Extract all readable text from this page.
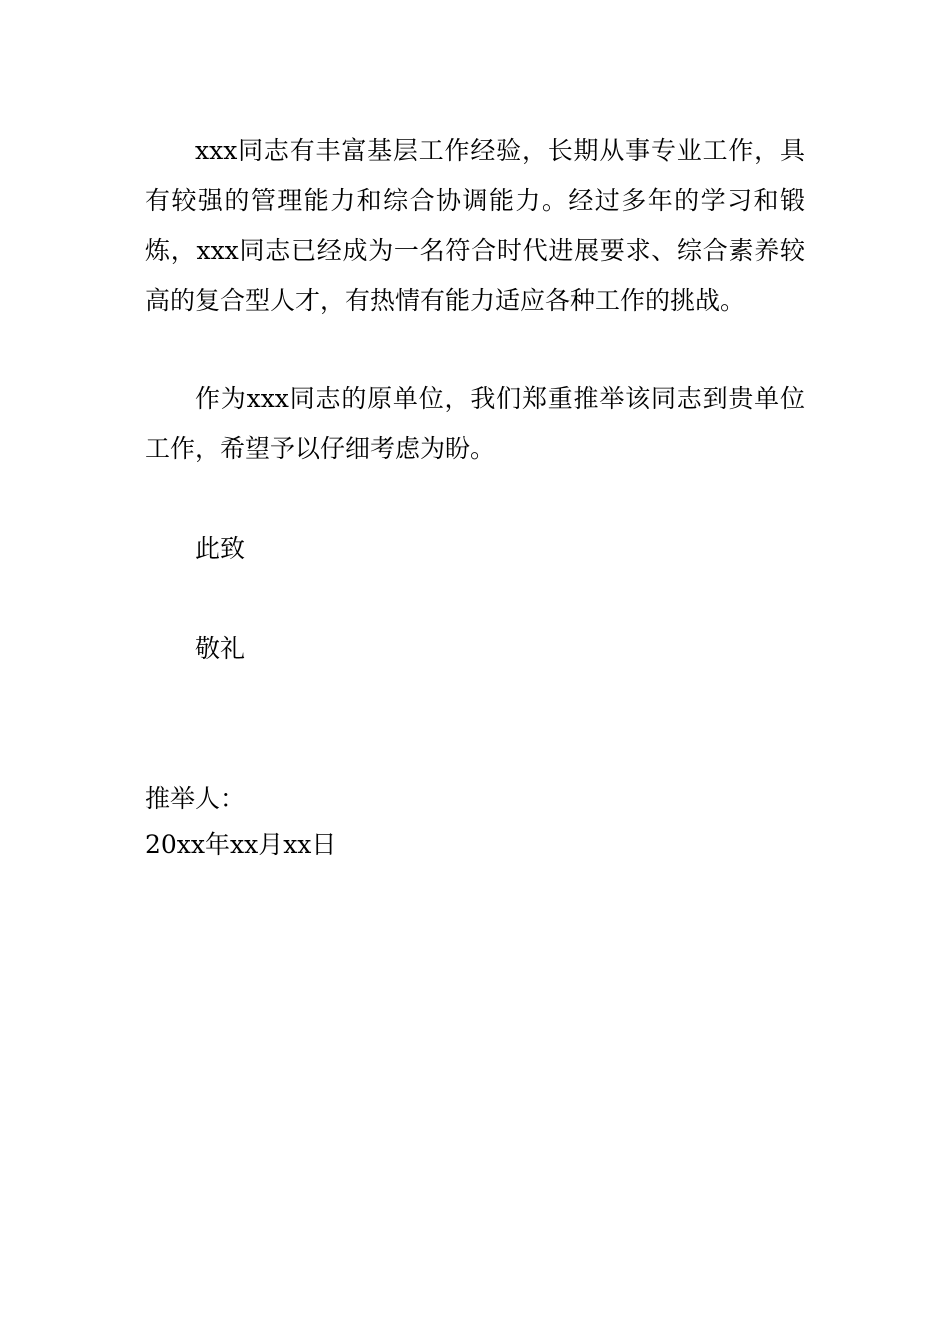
xxx同志有丰富基层工作经验，长期从事专业工作，具有较强的管理能力和综合协调能力。经过多年的学习和锻炼，xxx同志已经成为一名符合时代进展要求、综合素养较高的复合型人才，有热情有能力适应各种工作的挑战。

作为xxx同志的原单位，我们郑重推举该同志到贵单位工作，希望予以仔细考虑为盼。

此致

敬礼

推举人：

20xx年xx月xx日
